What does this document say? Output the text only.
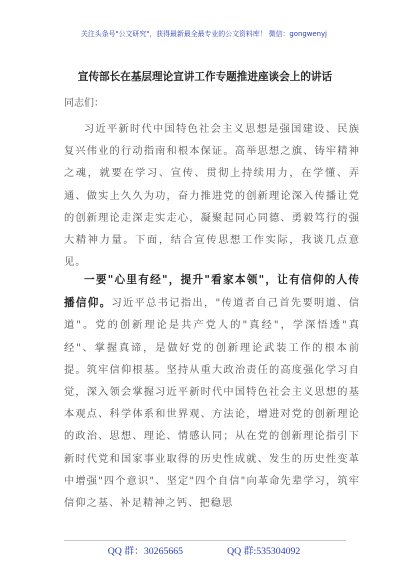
关注头条号"公文研究"，获得最新最全最专业的公文资料库！ 微信：gongwenyj
宣传部长在基层理论宣讲工作专题推进座谈会上的讲话
同志们：
习近平新时代中国特色社会主义思想是强国建设、民族复兴伟业的行动指南和根本保证。高举思想之旗、铸牢精神之魂，就要在学习、宣传、贯彻上持续用力，在学懂、弄通、做实上久久为功，奋力推进党的创新理论深入传播让党的创新理论走深走实走心，凝聚起同心同德、勇毅笃行的强大精神力量。下面，结合宣传思想工作实际，我谈几点意见。
一要"心里有经"，提升"看家本领"，让有信仰的人传播信仰。习近平总书记指出，"传道者自己首先要明道、信道"。党的创新理论是共产党人的"真经"，学深悟透"真经"、掌握真谛，是做好党的创新理论武装工作的根本前提。筑牢信仰根基。坚持从重大政治责任的高度强化学习自觉，深入领会掌握习近平新时代中国特色社会主义思想的基本观点、科学体系和世界观、方法论，增进对党的创新理论的政治、思想、理论、情感认同；从在党的创新理论指引下新时代党和国家事业取得的历史性成就、发生的历史性变革中增强"四个意识"、坚定"四个自信"向革命先辈学习，筑牢信仰之基、补足精神之钙、把稳思
QQ 群：30265665	QQ 群:535304092
